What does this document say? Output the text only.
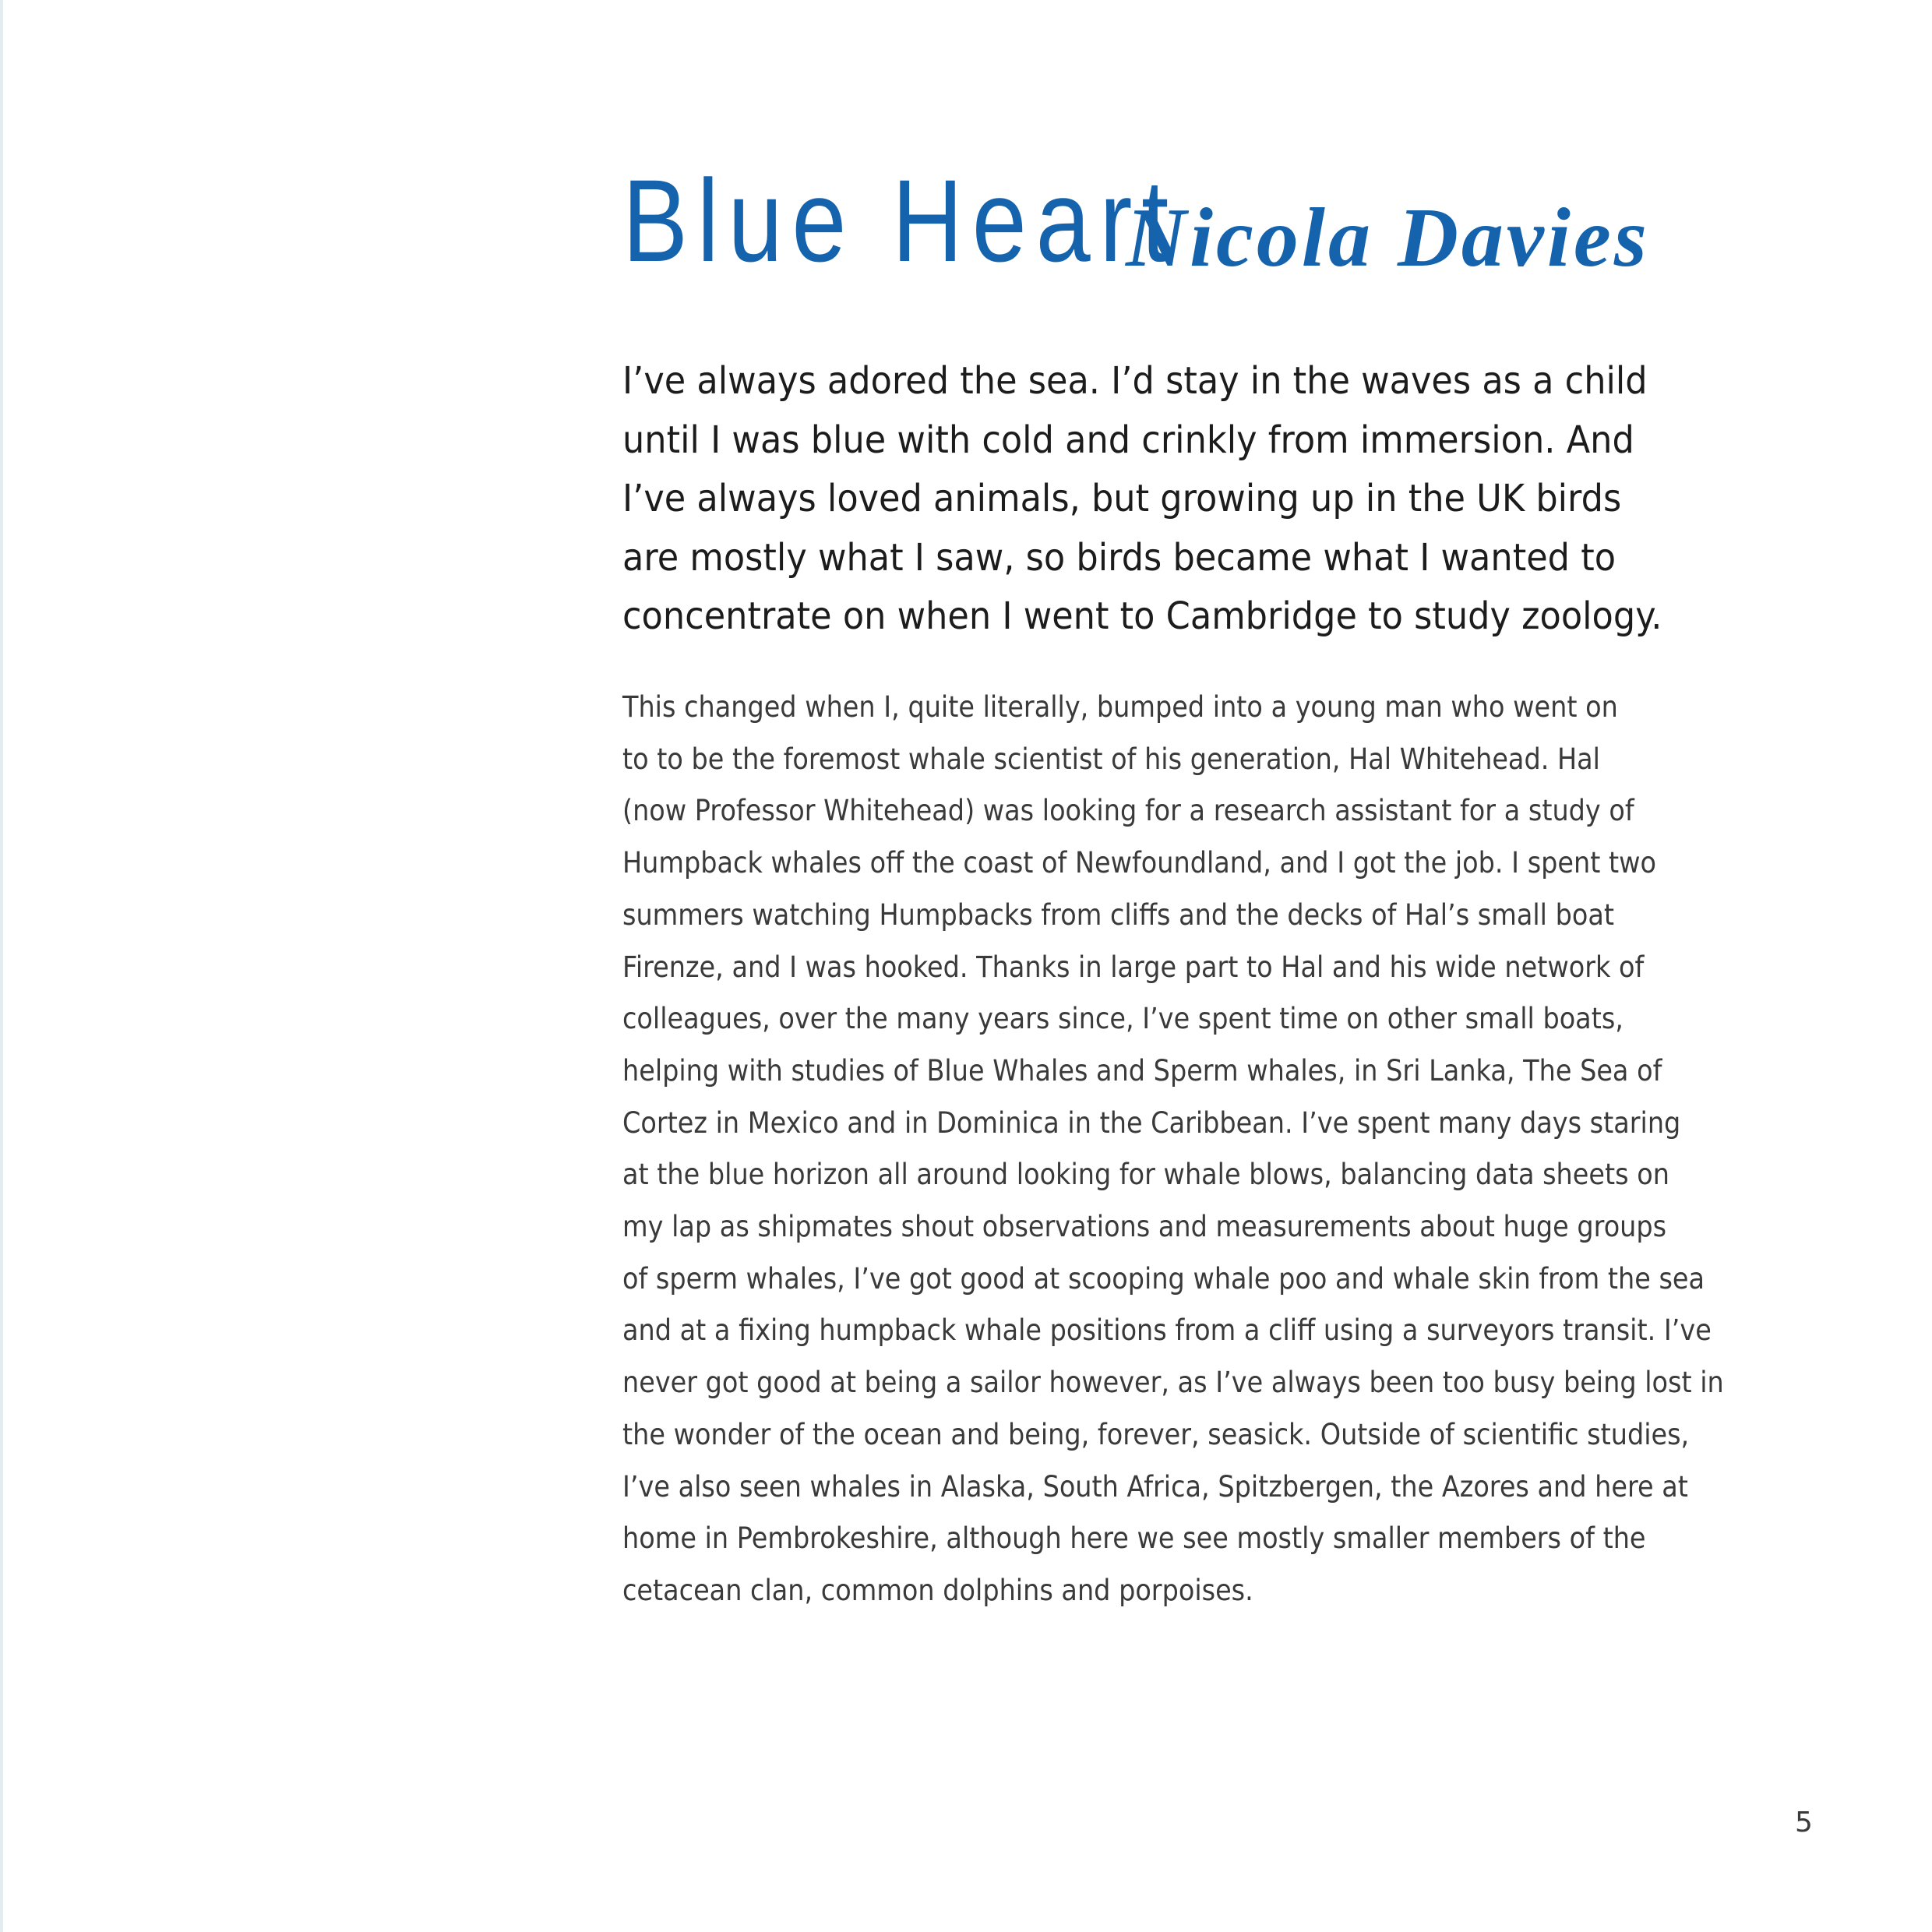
Blue Heart
Nicola Davies

I’ve always adored the sea. I’d stay in the waves as a child
until I was blue with cold and crinkly from immersion. And
I’ve always loved animals, but growing up in the UK birds
are mostly what I saw, so birds became what I wanted to
concentrate on when I went to Cambridge to study zoology.

This changed when I, quite literally, bumped into a young man who went on
to to be the foremost whale scientist of his generation, Hal Whitehead. Hal
(now Professor Whitehead) was looking for a research assistant for a study of
Humpback whales off the coast of Newfoundland, and I got the job. I spent two
summers watching Humpbacks from cliffs and the decks of Hal’s small boat
Firenze, and I was hooked. Thanks in large part to Hal and his wide network of
colleagues, over the many years since, I’ve spent time on other small boats,
helping with studies of Blue Whales and Sperm whales, in Sri Lanka, The Sea of
Cortez in Mexico and in Dominica in the Caribbean. I’ve spent many days staring
at the blue horizon all around looking for whale blows, balancing data sheets on
my lap as shipmates shout observations and measurements about huge groups
of sperm whales, I’ve got good at scooping whale poo and whale skin from the sea
and at a fixing humpback whale positions from a cliff using a surveyors transit. I’ve
never got good at being a sailor however, as I’ve always been too busy being lost in
the wonder of the ocean and being, forever, seasick. Outside of scientific studies,
I’ve also seen whales in Alaska, South Africa, Spitzbergen, the Azores and here at
home in Pembrokeshire, although here we see mostly smaller members of the
cetacean clan, common dolphins and porpoises.

5
